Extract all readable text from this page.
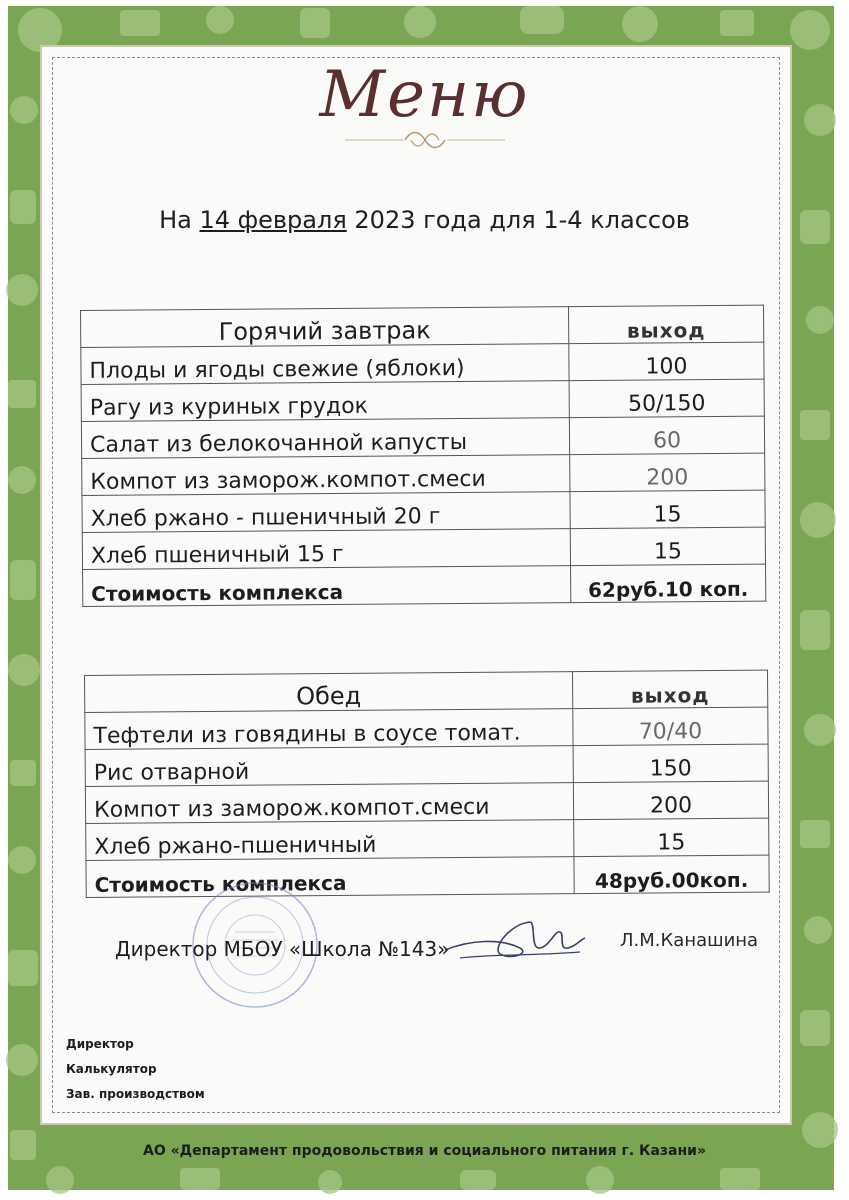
Меню
На 14 февраля 2023 года для 1-4 классов
Горячий завтрак	выход
Плоды и ягоды свежие (яблоки)	100
Рагу из куриных грудок	50/150
Салат из белокочанной капусты	60
Компот из заморож.компот.смеси	200
Хлеб ржано - пшеничный 20 г	15
Хлеб пшеничный 15 г	15
Стоимость комплекса	62руб.10 коп.
Обед	выход
Тефтели из говядины в соусе томат.	70/40
Рис отварной	150
Компот из заморож.компот.смеси	200
Хлеб ржано-пшеничный	15
Стоимость комплекса	48руб.00коп.
Директор МБОУ «Школа №143»	Л.М.Канашина
Директор
Калькулятор
Зав. производством
АО «Департамент продовольствия и социального питания г. Казани»
